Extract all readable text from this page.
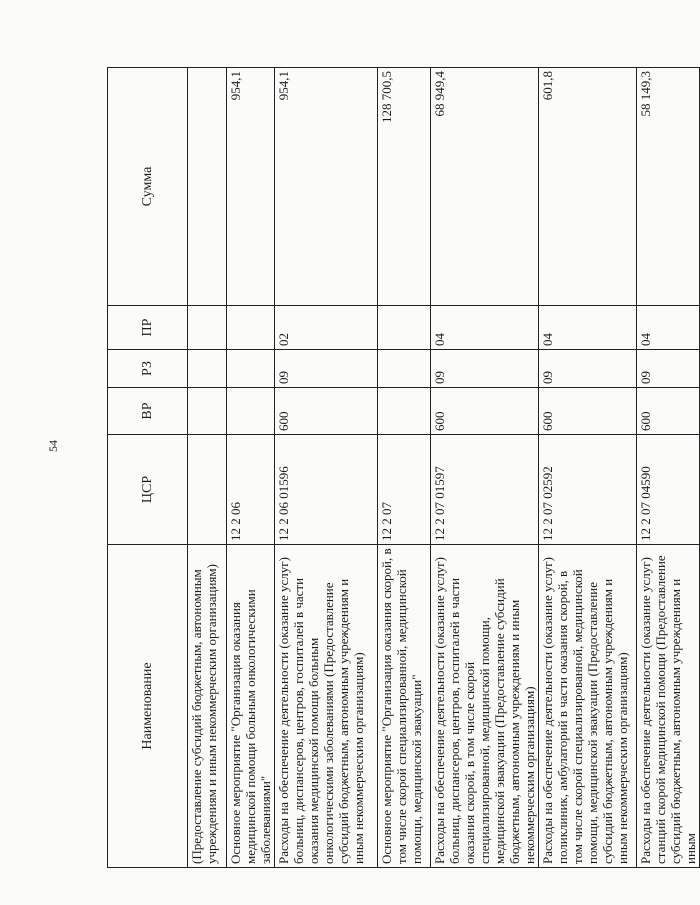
54
Наименование	ЦСР	ВР	РЗ	ПР	Сумма
(Предоставление субсидий бюджетным, автономным учреждениям и иным некоммерческим организациям)					
Основное мероприятие "Организация оказания медицинской помощи больным онкологическими заболеваниями"	12 2 06				954,1
Расходы на обеспечение деятельности (оказание услуг) больниц, диспансеров, центров, госпиталей в части оказания медицинской помощи больным онкологическими заболеваниями (Предоставление субсидий бюджетным, автономным учреждениям и иным некоммерческим организациям)	12 2 06 01596	600	09	02	954,1
Основное мероприятие "Организация оказания скорой, в том числе скорой специализированной, медицинской помощи, медицинской эвакуации"	12 2 07				128 700,5
Расходы на обеспечение деятельности (оказание услуг) больниц, диспансеров, центров, госпиталей в части оказания скорой, в том числе скорой специализированной, медицинской помощи, медицинской эвакуации (Предоставление субсидий бюджетным, автономным учреждениям и иным некоммерческим организациям)	12 2 07 01597	600	09	04	68 949,4
Расходы на обеспечение деятельности (оказание услуг) поликлиник, амбулаторий в части оказания скорой, в том числе скорой специализированной, медицинской помощи, медицинской эвакуации (Предоставление субсидий бюджетным, автономным учреждениям и иным некоммерческим организациям)	12 2 07 02592	600	09	04	601,8
Расходы на обеспечение деятельности (оказание услуг) станций скорой медицинской помощи (Предоставление субсидий бюджетным, автономным учреждениям и иным	12 2 07 04590	600	09	04	58 149,3
